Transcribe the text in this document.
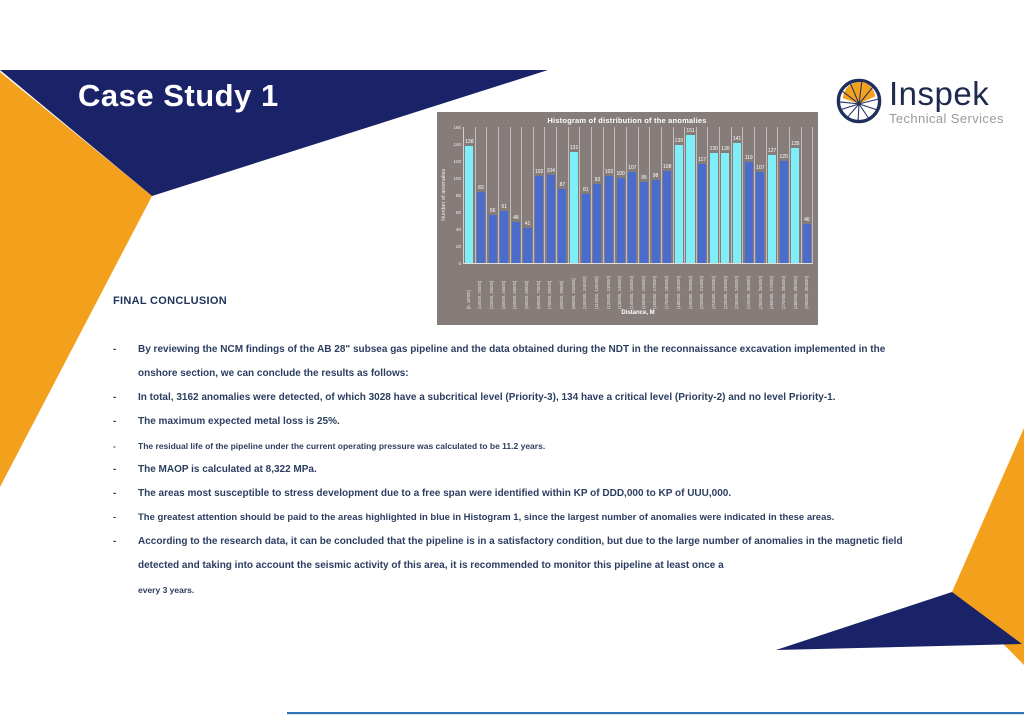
Case Study 1	Inspek
Technical Services
Histogram of distribution of the anomalies
Number of anomalies
0
20
40
60
80
100
120
140
160
138
83
56
61
48
41
102 104
87
131
81
93
102 100
107
95 98
108
139
151
117
130 130
141
119
107
127
120
135
46
[0, 10000] (10000, 20000] (20000, 30000] (30000, 40000] (40000, 50000] (50000, 60000] (60000, 70000] (70000, 80000] (80000, 90000] (90000, 100000] (100000, 110000] (110000, 120000] (120000, 130000] (130000, 140000] (140000, 150000] (150000, 160000] (160000, 170000] (170000, 180000] (180000, 190000] (190000, 200000] (200000, 210000] (210000, 220000] (220000, 230000] (230000, 240000] (240000, 250000] (250000, 260000] (260000, 270000] (270000, 280000] (280000, 290000] (290000, 300000]
Distance, M
FINAL CONCLUSION
-	By reviewing the NCM findings of the AB 28" subsea gas pipeline and the data obtained during the NDT in the reconnaissance excavation implemented in the onshore section, we can conclude the results as follows:
-	In total, 3162 anomalies were detected, of which 3028 have a subcritical level (Priority-3), 134 have a critical level (Priority-2) and no level Priority-1.
-	The maximum expected metal loss is 25%.
-	The residual life of the pipeline under the current operating pressure was calculated to be 11.2 years.
-	The MAOP is calculated at 8,322 MPa.
-	The areas most susceptible to stress development due to a free span were identified within KP of DDD,000 to KP of UUU,000.
-	The greatest attention should be paid to the areas highlighted in blue in Histogram 1, since the largest number of anomalies were indicated in these areas.
-	According to the research data, it can be concluded that the pipeline is in a satisfactory condition, but due to the large number of anomalies in the magnetic field detected and taking into account the seismic activity of this area, it is recommended to monitor this pipeline at least once a
every 3 years.
